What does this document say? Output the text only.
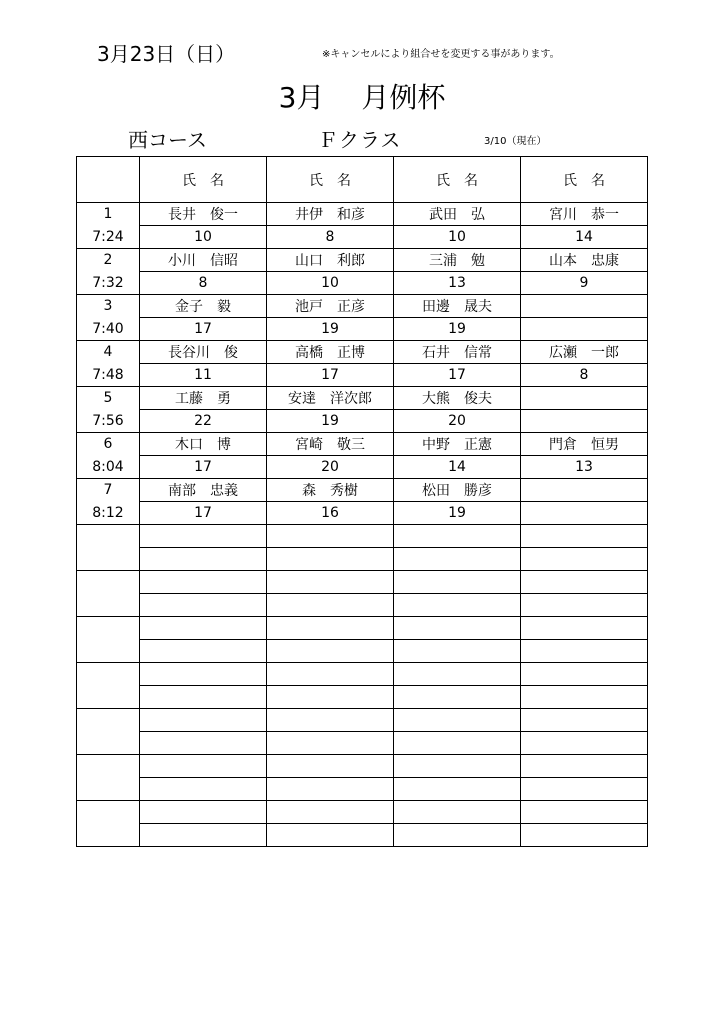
3月23日（日）	※キャンセルにより組合せを変更する事があります。
3月　 月例杯
西コース	Ｆクラス	3/10（現在）
	氏　名	氏　名	氏　名	氏　名
1	長井　俊一	井伊　和彦	武田　弘	宮川　恭一
7:24	10	8	10	14
2	小川　信昭	山口　利郎	三浦　勉	山本　忠康
7:32	8	10	13	9
3	金子　毅	池戸　正彦	田邊　晟夫	
7:40	17	19	19	
4	長谷川　俊	高橋　正博	石井　信常	広瀬　一郎
7:48	11	17	17	8
5	工藤　勇	安達　洋次郎	大熊　俊夫	
7:56	22	19	20	
6	木口　博	宮崎　敬三	中野　正憲	門倉　恒男
8:04	17	20	14	13
7	南部　忠義	森　秀樹	松田　勝彦	
8:12	17	16	19	
